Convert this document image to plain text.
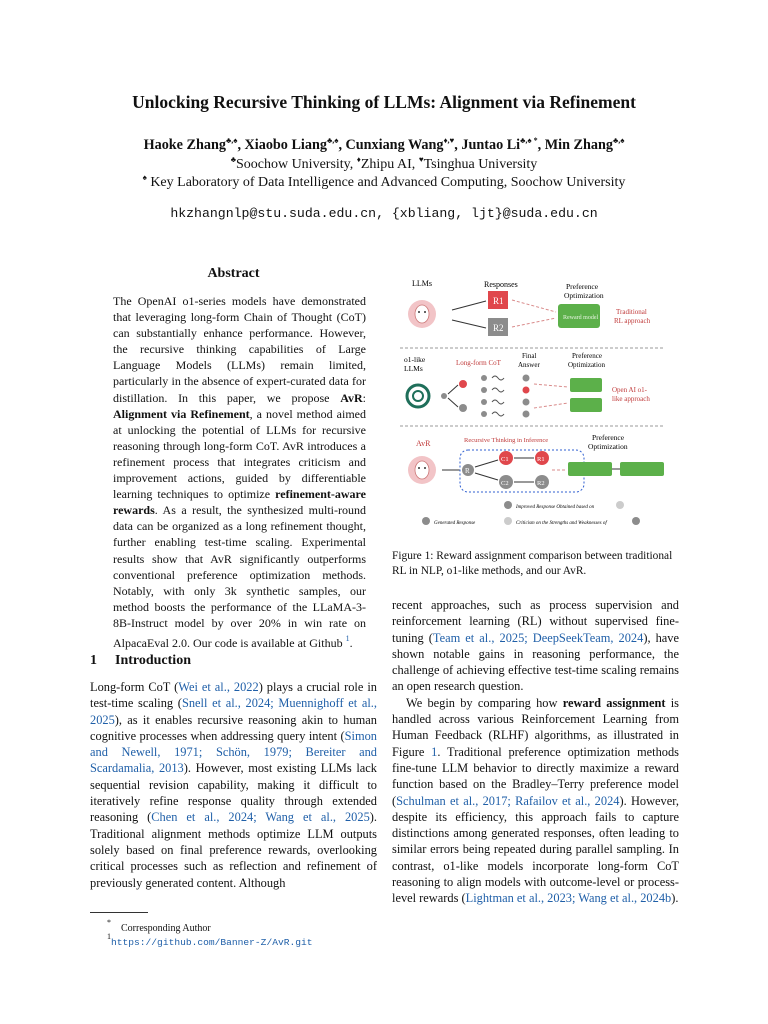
Unlocking Recursive Thinking of LLMs: Alignment via Refinement
Haoke Zhang♣,♠, Xiaobo Liang♣,♠, Cunxiang Wang♦,♥, Juntao Li♣,♠ *, Min Zhang♣,♠
♣Soochow University, ♦Zhipu AI, ♥Tsinghua University
♠ Key Laboratory of Data Intelligence and Advanced Computing, Soochow University
hkzhangnlp@stu.suda.edu.cn, {xbliang, ljt}@suda.edu.cn
Abstract
The OpenAI o1-series models have demonstrated that leveraging long-form Chain of Thought (CoT) can substantially enhance performance. However, the recursive thinking capabilities of Large Language Models (LLMs) remain limited, particularly in the absence of expert-curated data for distillation. In this paper, we propose AvR: Alignment via Refinement, a novel method aimed at unlocking the potential of LLMs for recursive reasoning through long-form CoT. AvR introduces a refinement process that integrates criticism and improvement actions, guided by differentiable learning techniques to optimize refinement-aware rewards. As a result, the synthesized multi-round data can be organized as a long refinement thought, further enabling test-time scaling. Experimental results show that AvR significantly outperforms conventional preference optimization methods. Notably, with only 3k synthetic samples, our method boosts the performance of the LLaMA-3-8B-Instruct model by over 20% in win rate on AlpacaEval 2.0. Our code is available at Github $^1$.
1 Introduction
Long-form CoT (Wei et al., 2022) plays a crucial role in test-time scaling (Snell et al., 2024; Muennighoff et al., 2025), as it enables recursive reasoning akin to human cognitive processes when addressing query intent (Simon and Newell, 1971; Schön, 1979; Bereiter and Scardamalia, 2013). However, most existing LLMs lack sequential revision capability, making it difficult to iteratively refine response quality through extended reasoning (Chen et al., 2024; Wang et al., 2025). Traditional alignment methods optimize LLM outputs solely based on final preference rewards, overlooking critical processes such as reflection and refinement of previously generated content. Although
*    Corresponding Author
$^1$https://github.com/Banner-Z/AvR.git
LLMs	Responses	Preference
Optimization
R1
R2
Reward model
Traditional
RL approach
o1-like
LLMs
Long-form CoT
Final
Answer
Preference
Optimization
Open AI o1-
like approach
AvR	Recursive Thinking in Inference	Preference
Optimization
R
C1
C2
R1
R2
Improved Response Obtained based on
Generated Response	Criticism on the Strengths and Weaknesses of
Figure 1: Reward assignment comparison between traditional RL in NLP, o1-like methods, and our AvR.

recent approaches, such as process supervision and reinforcement learning (RL) without supervised fine-tuning (Team et al., 2025; DeepSeekTeam, 2024), have shown notable gains in reasoning performance, the challenge of achieving effective test-time scaling remains an open research question.

We begin by comparing how reward assignment is handled across various Reinforcement Learning from Human Feedback (RLHF) algorithms, as illustrated in Figure 1. Traditional preference optimization methods fine-tune LLM behavior to directly maximize a reward function based on the Bradley–Terry preference model (Schulman et al., 2017; Rafailov et al., 2024). However, despite its efficiency, this approach fails to capture distinctions among generated responses, often leading to similar errors being repeated during parallel sampling. In contrast, o1-like models incorporate long-form CoT reasoning to align models with outcome-level or process-level rewards (Lightman et al., 2023; Wang et al., 2024b).
